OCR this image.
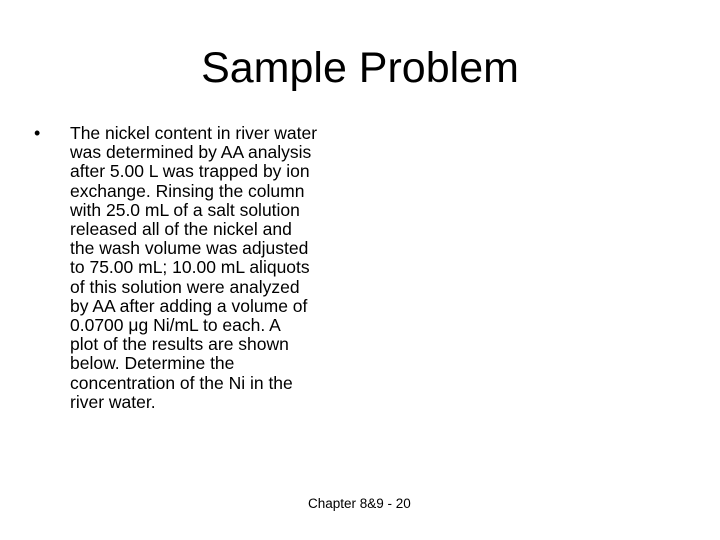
Sample Problem
• The nickel content in river water
was determined by AA analysis
after 5.00 L was trapped by ion
exchange. Rinsing the column
with 25.0 mL of a salt solution
released all of the nickel and
the wash volume was adjusted
to 75.00 mL; 10.00 mL aliquots
of this solution were analyzed
by AA after adding a volume of
0.0700 μg Ni/mL to each. A
plot of the results are shown
below. Determine the
concentration of the Ni in the
river water.
Chapter 8&9 - 20
